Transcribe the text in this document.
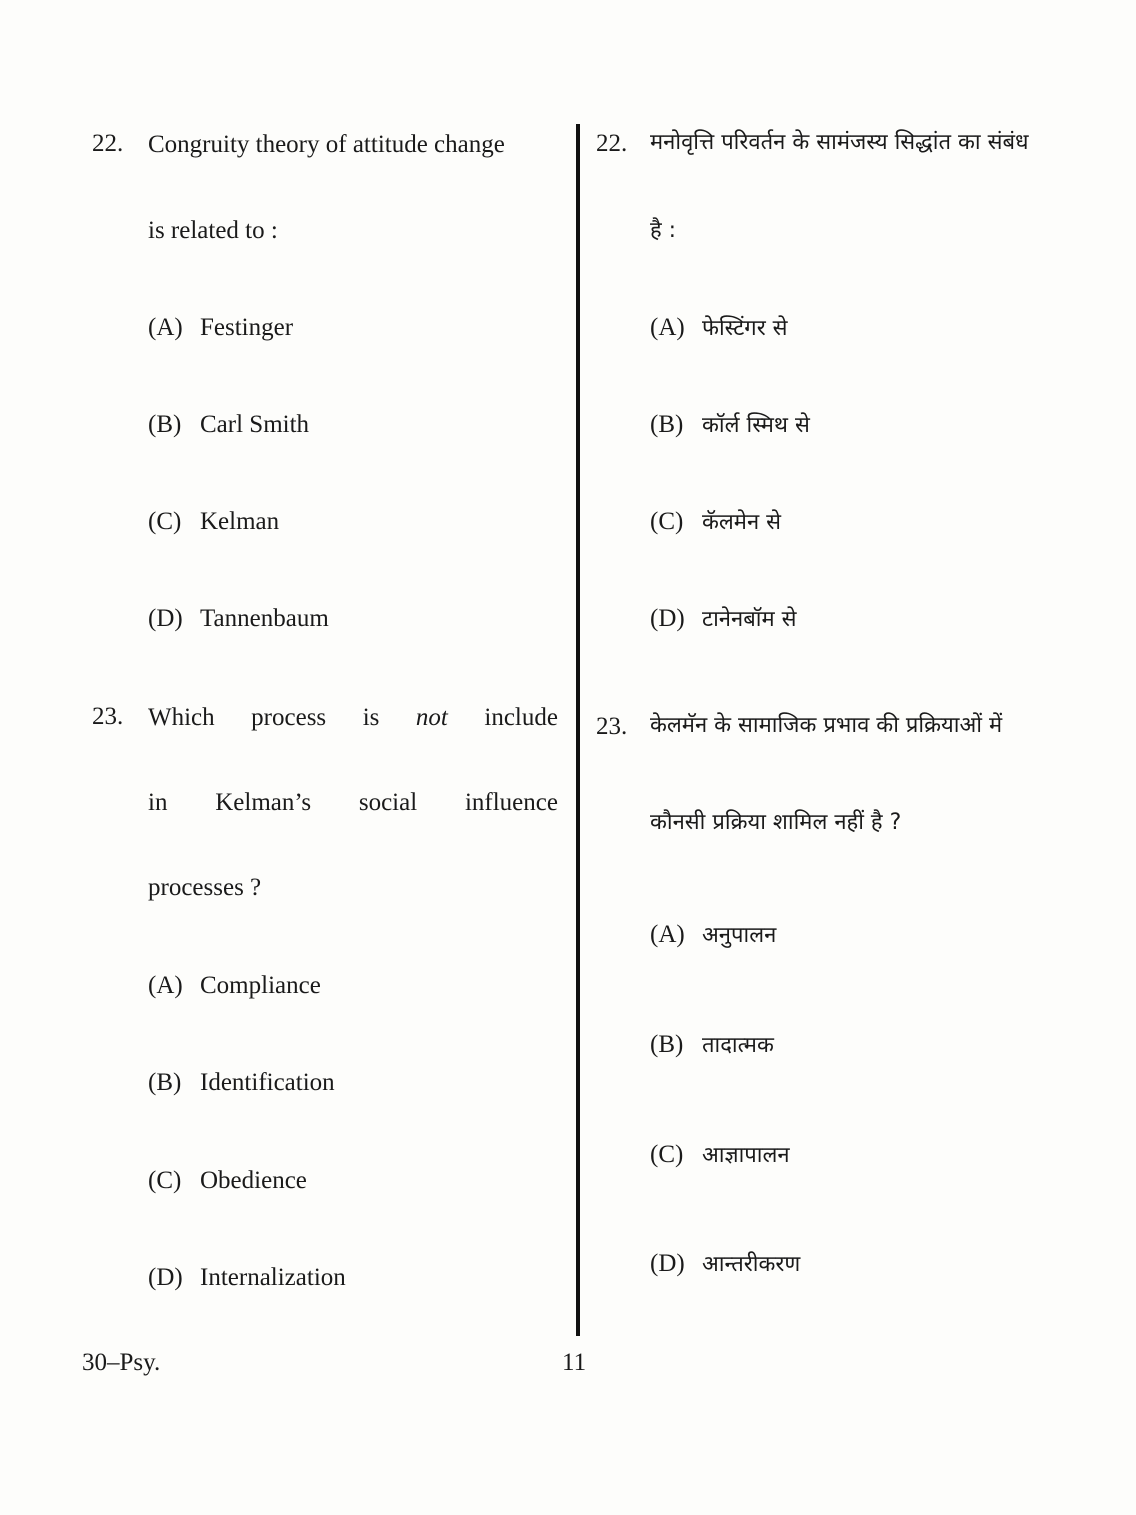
22. Congruity theory of attitude change
is related to :
(A) Festinger
(B) Carl Smith
(C) Kelman
(D) Tannenbaum
23. Which process is not include
in Kelman’s social influence
processes ?
(A) Compliance
(B) Identification
(C) Obedience
(D) Internalization
22. मनोवृत्ति परिवर्तन के सामंजस्य सिद्धांत का संबंध
है :
(A) फेस्टिंगर से
(B) कॉर्ल स्मिथ से
(C) कॅलमेन से
(D) टानेनबॉम से
23. केलमॅन के सामाजिक प्रभाव की प्रक्रियाओं में
कौनसी प्रक्रिया शामिल नहीं है ?
(A) अनुपालन
(B) तादात्मक
(C) आज्ञापालन
(D) आन्तरीकरण
30–Psy.	11
